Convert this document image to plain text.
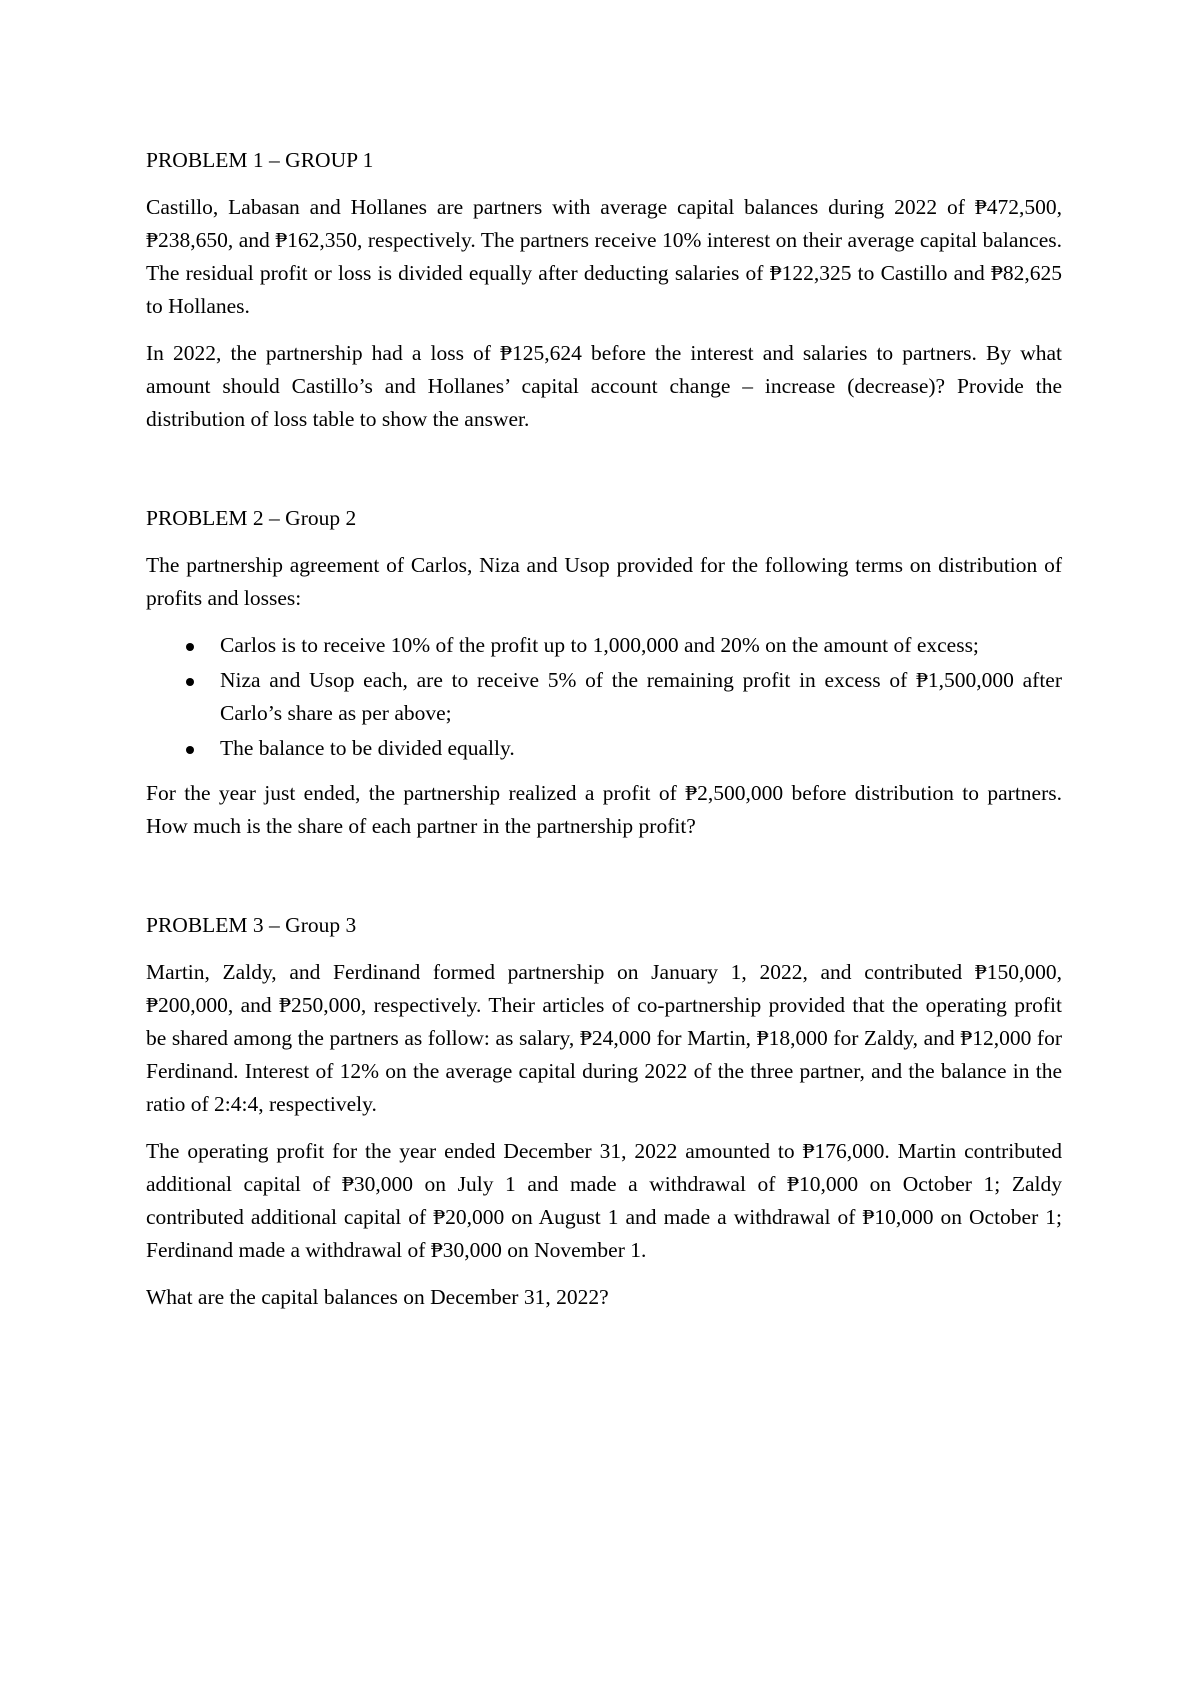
PROBLEM 1 – GROUP 1

Castillo, Labasan and Hollanes are partners with average capital balances during 2022 of ₱472,500, ₱238,650, and ₱162,350, respectively. The partners receive 10% interest on their average capital balances. The residual profit or loss is divided equally after deducting salaries of ₱122,325 to Castillo and ₱82,625 to Hollanes.

In 2022, the partnership had a loss of ₱125,624 before the interest and salaries to partners. By what amount should Castillo’s and Hollanes’ capital account change – increase (decrease)? Provide the distribution of loss table to show the answer.

PROBLEM 2 – Group 2

The partnership agreement of Carlos, Niza and Usop provided for the following terms on distribution of profits and losses:

Carlos is to receive 10% of the profit up to 1,000,000 and 20% on the amount of excess;
Niza and Usop each, are to receive 5% of the remaining profit in excess of ₱1,500,000 after Carlo’s share as per above;
The balance to be divided equally.

For the year just ended, the partnership realized a profit of ₱2,500,000 before distribution to partners. How much is the share of each partner in the partnership profit?

PROBLEM 3 – Group 3

Martin, Zaldy, and Ferdinand formed partnership on January 1, 2022, and contributed ₱150,000, ₱200,000, and ₱250,000, respectively. Their articles of co-partnership provided that the operating profit be shared among the partners as follow: as salary, ₱24,000 for Martin, ₱18,000 for Zaldy, and ₱12,000 for Ferdinand. Interest of 12% on the average capital during 2022 of the three partner, and the balance in the ratio of 2:4:4, respectively.

The operating profit for the year ended December 31, 2022 amounted to ₱176,000. Martin contributed additional capital of ₱30,000 on July 1 and made a withdrawal of ₱10,000 on October 1; Zaldy contributed additional capital of ₱20,000 on August 1 and made a withdrawal of ₱10,000 on October 1; Ferdinand made a withdrawal of ₱30,000 on November 1.

What are the capital balances on December 31, 2022?
